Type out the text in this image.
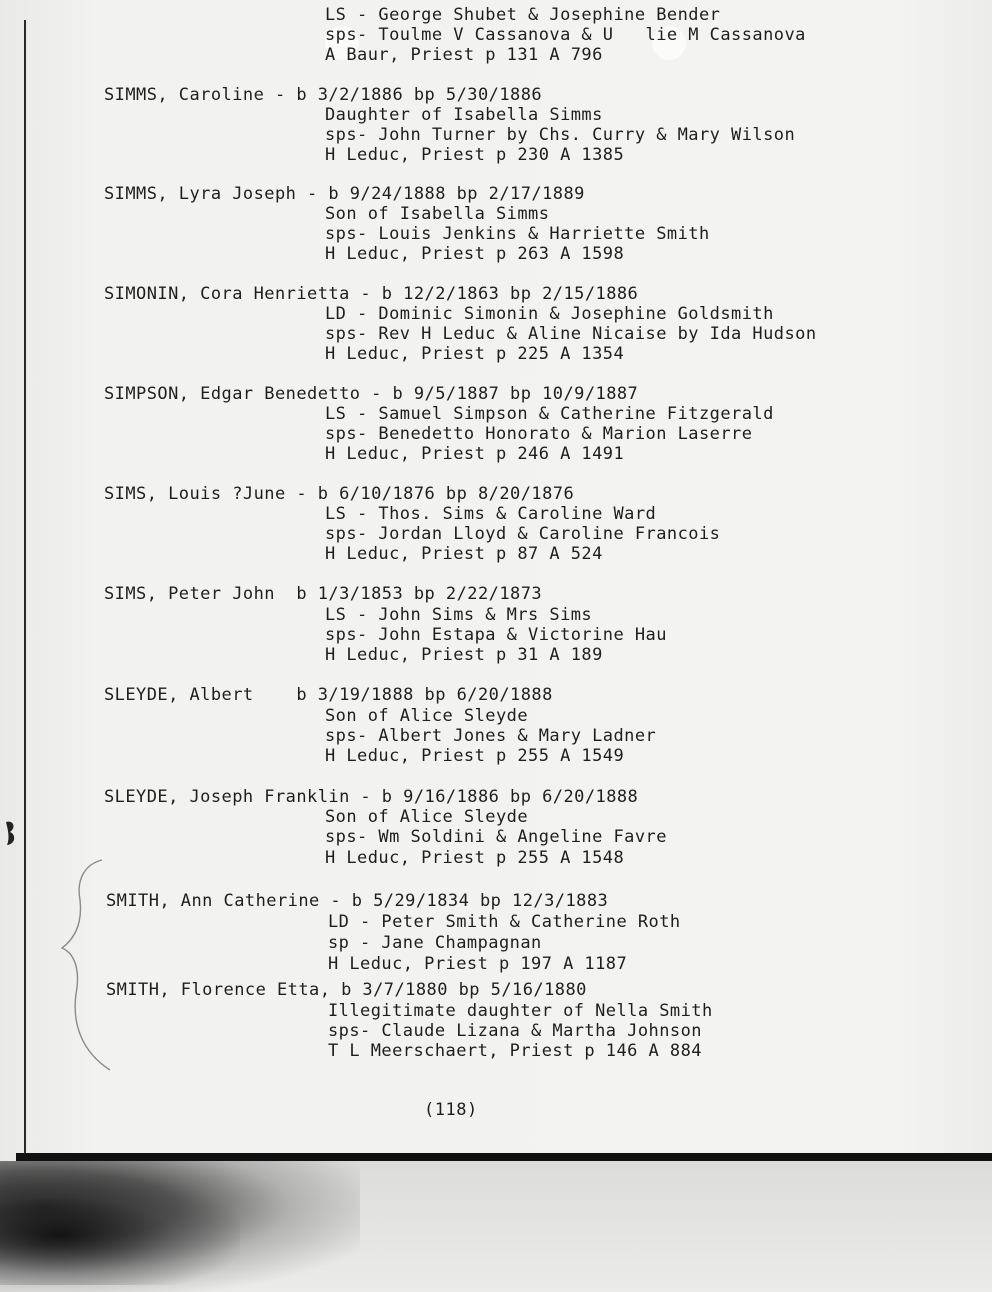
LS - George Shubet & Josephine Bender
sps- Toulme V Cassanova & U   lie M Cassanova
A Baur, Priest p 131 A 796
SIMMS, Caroline - b 3/2/1886 bp 5/30/1886
Daughter of Isabella Simms
sps- John Turner by Chs. Curry & Mary Wilson
H Leduc, Priest p 230 A 1385
SIMMS, Lyra Joseph - b 9/24/1888 bp 2/17/1889
Son of Isabella Simms
sps- Louis Jenkins & Harriette Smith
H Leduc, Priest p 263 A 1598
SIMONIN, Cora Henrietta - b 12/2/1863 bp 2/15/1886
LD - Dominic Simonin & Josephine Goldsmith
sps- Rev H Leduc & Aline Nicaise by Ida Hudson
H Leduc, Priest p 225 A 1354
SIMPSON, Edgar Benedetto - b 9/5/1887 bp 10/9/1887
LS - Samuel Simpson & Catherine Fitzgerald
sps- Benedetto Honorato & Marion Laserre
H Leduc, Priest p 246 A 1491
SIMS, Louis ?June - b 6/10/1876 bp 8/20/1876
LS - Thos. Sims & Caroline Ward
sps- Jordan Lloyd & Caroline Francois
H Leduc, Priest p 87 A 524
SIMS, Peter John  b 1/3/1853 bp 2/22/1873
LS - John Sims & Mrs Sims
sps- John Estapa & Victorine Hau
H Leduc, Priest p 31 A 189
SLEYDE, Albert    b 3/19/1888 bp 6/20/1888
Son of Alice Sleyde
sps- Albert Jones & Mary Ladner
H Leduc, Priest p 255 A 1549
SLEYDE, Joseph Franklin - b 9/16/1886 bp 6/20/1888
Son of Alice Sleyde
sps- Wm Soldini & Angeline Favre
H Leduc, Priest p 255 A 1548
SMITH, Ann Catherine - b 5/29/1834 bp 12/3/1883
LD - Peter Smith & Catherine Roth
sp - Jane Champagnan
H Leduc, Priest p 197 A 1187
SMITH, Florence Etta, b 3/7/1880 bp 5/16/1880
Illegitimate daughter of Nella Smith
sps- Claude Lizana & Martha Johnson
T L Meerschaert, Priest p 146 A 884
(118)
